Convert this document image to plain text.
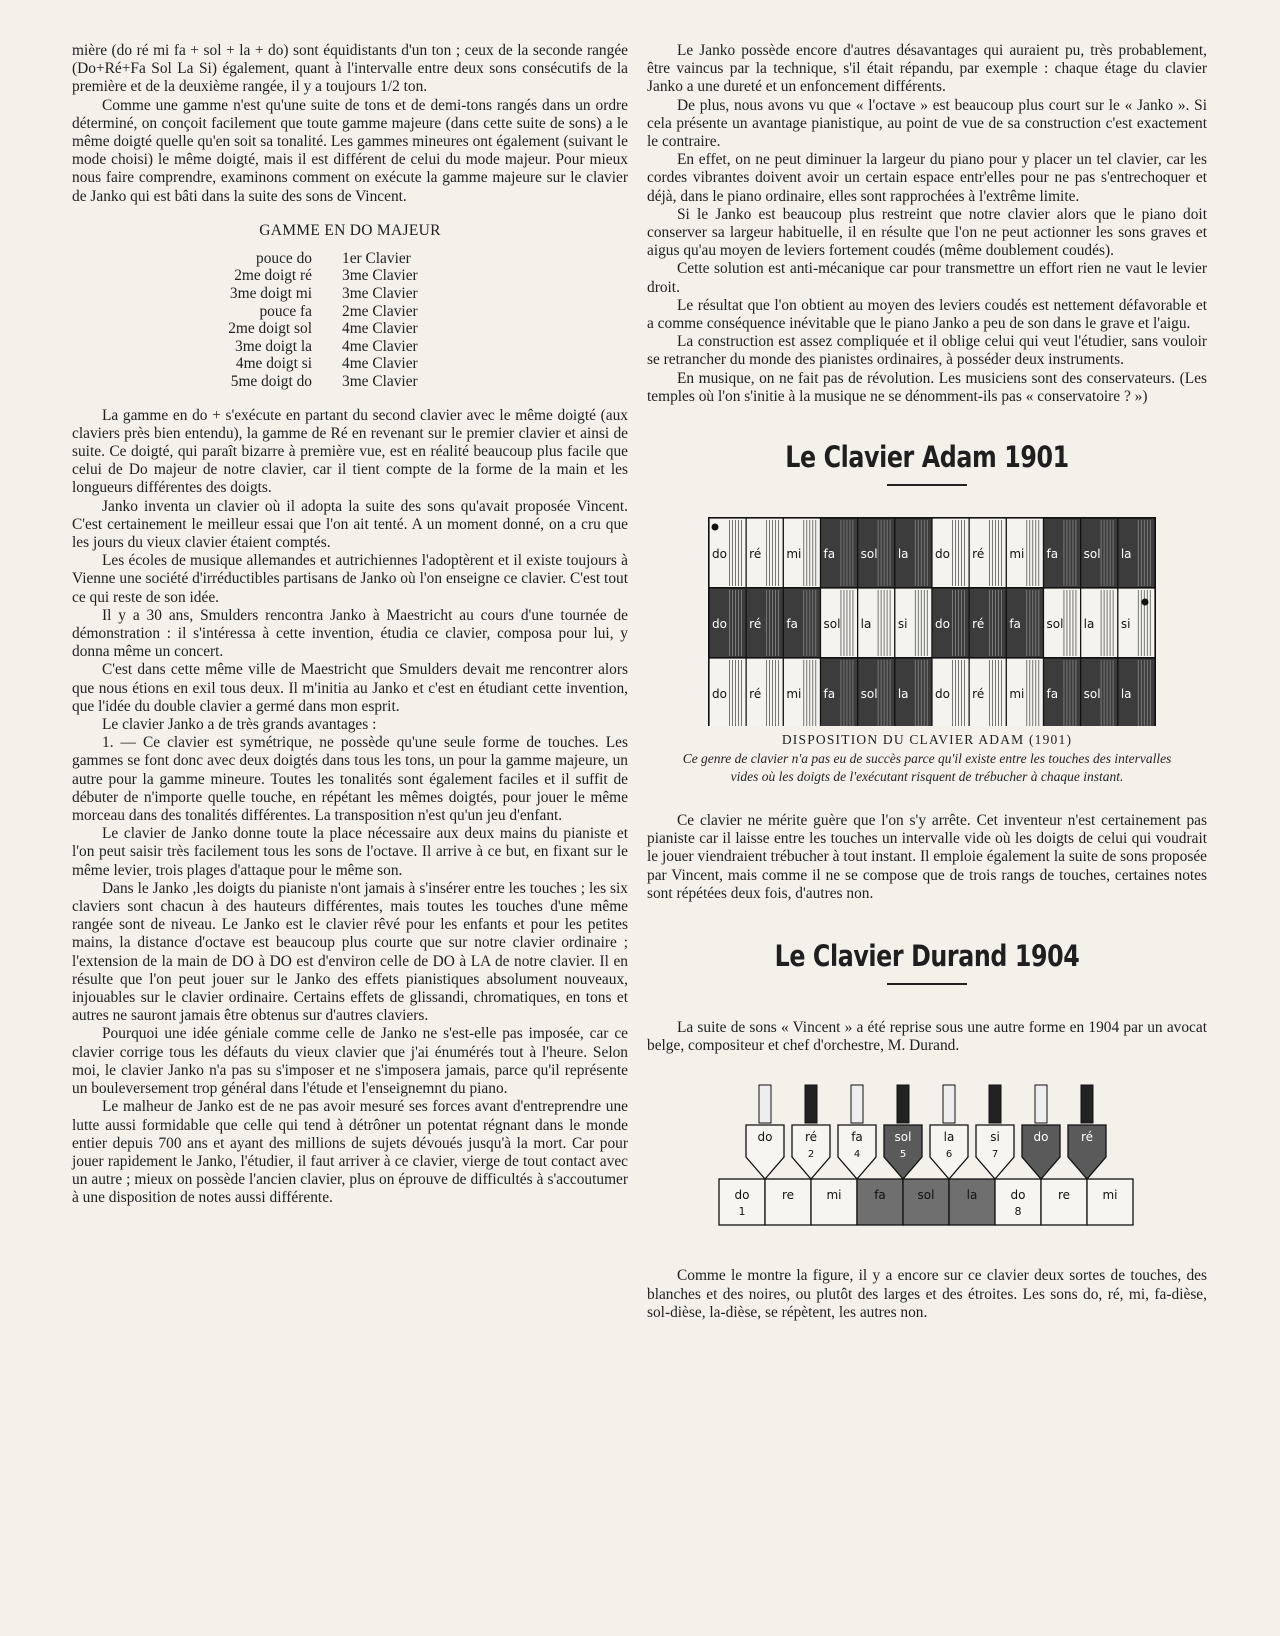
mière (do ré mi fa + sol + la + do) sont équidistants d'un ton ; ceux de la seconde rangée (Do+Ré+Fa Sol La Si) également, quant à l'intervalle entre deux sons consécutifs de la première et de la deuxième rangée, il y a toujours 1/2 ton.

Comme une gamme n'est qu'une suite de tons et de demi-tons rangés dans un ordre déterminé, on conçoit facilement que toute gamme majeure (dans cette suite de sons) a le même doigté quelle qu'en soit sa tonalité. Les gammes mineures ont également (suivant le mode choisi) le même doigté, mais il est différent de celui du mode majeur. Pour mieux nous faire comprendre, examinons comment on exécute la gamme majeure sur le clavier de Janko qui est bâti dans la suite des sons de Vincent.

GAMME EN DO MAJEUR
pouce do	1er Clavier
2me doigt ré	3me Clavier
3me doigt mi	3me Clavier
pouce fa	2me Clavier
2me doigt sol	4me Clavier
3me doigt la	4me Clavier
4me doigt si	4me Clavier
5me doigt do	3me Clavier

La gamme en do + s'exécute en partant du second clavier avec le même doigté (aux claviers près bien entendu), la gamme de Ré en revenant sur le premier clavier et ainsi de suite. Ce doigté, qui paraît bizarre à première vue, est en réalité beaucoup plus facile que celui de Do majeur de notre clavier, car il tient compte de la forme de la main et les longueurs différentes des doigts.

Janko inventa un clavier où il adopta la suite des sons qu'avait proposée Vincent. C'est certainement le meilleur essai que l'on ait tenté. A un moment donné, on a cru que les jours du vieux clavier étaient comptés.

Les écoles de musique allemandes et autrichiennes l'adoptèrent et il existe toujours à Vienne une société d'irréductibles partisans de Janko où l'on enseigne ce clavier. C'est tout ce qui reste de son idée.

Il y a 30 ans, Smulders rencontra Janko à Maestricht au cours d'une tournée de démonstration : il s'intéressa à cette invention, étudia ce clavier, composa pour lui, y donna même un concert.

C'est dans cette même ville de Maestricht que Smulders devait me rencontrer alors que nous étions en exil tous deux. Il m'initia au Janko et c'est en étudiant cette invention, que l'idée du double clavier a germé dans mon esprit.

Le clavier Janko a de très grands avantages :

1. — Ce clavier est symétrique, ne possède qu'une seule forme de touches. Les gammes se font donc avec deux doigtés dans tous les tons, un pour la gamme majeure, un autre pour la gamme mineure. Toutes les tonalités sont également faciles et il suffit de débuter de n'importe quelle touche, en répétant les mêmes doigtés, pour jouer le même morceau dans des tonalités différentes. La transposition n'est qu'un jeu d'enfant.

Le clavier de Janko donne toute la place nécessaire aux deux mains du pianiste et l'on peut saisir très facilement tous les sons de l'octave. Il arrive à ce but, en fixant sur le même levier, trois plages d'attaque pour le même son.

Dans le Janko ,les doigts du pianiste n'ont jamais à s'insérer entre les touches ; les six claviers sont chacun à des hauteurs différentes, mais toutes les touches d'une même rangée sont de niveau. Le Janko est le clavier rêvé pour les enfants et pour les petites mains, la distance d'octave est beaucoup plus courte que sur notre clavier ordinaire ; l'extension de la main de DO à DO est d'environ celle de DO à LA de notre clavier. Il en résulte que l'on peut jouer sur le Janko des effets pianistiques absolument nouveaux, injouables sur le clavier ordinaire. Certains effets de glissandi, chromatiques, en tons et autres ne sauront jamais être obtenus sur d'autres claviers.

Pourquoi une idée géniale comme celle de Janko ne s'est-elle pas imposée, car ce clavier corrige tous les défauts du vieux clavier que j'ai énumérés tout à l'heure. Selon moi, le clavier Janko n'a pas su s'imposer et ne s'imposera jamais, parce qu'il représente un bouleversement trop général dans l'étude et l'enseignemnt du piano.

Le malheur de Janko est de ne pas avoir mesuré ses forces avant d'entreprendre une lutte aussi formidable que celle qui tend à détrôner un potentat régnant dans le monde entier depuis 700 ans et ayant des millions de sujets dévoués jusqu'à la mort. Car pour jouer rapidement le Janko, l'étudier, il faut arriver à ce clavier, vierge de tout contact avec un autre ; mieux on possède l'ancien clavier, plus on éprouve de difficultés à s'accoutumer à une disposition de notes aussi différente.

Le Janko possède encore d'autres désavantages qui auraient pu, très probablement, être vaincus par la technique, s'il était répandu, par exemple : chaque étage du clavier Janko a une dureté et un enfoncement différents.

De plus, nous avons vu que « l'octave » est beaucoup plus court sur le « Janko ». Si cela présente un avantage pianistique, au point de vue de sa construction c'est exactement le contraire.

En effet, on ne peut diminuer la largeur du piano pour y placer un tel clavier, car les cordes vibrantes doivent avoir un certain espace entr'elles pour ne pas s'entrechoquer et déjà, dans le piano ordinaire, elles sont rapprochées à l'extrême limite.

Si le Janko est beaucoup plus restreint que notre clavier alors que le piano doit conserver sa largeur habituelle, il en résulte que l'on ne peut actionner les sons graves et aigus qu'au moyen de leviers fortement coudés (même doublement coudés).

Cette solution est anti-mécanique car pour transmettre un effort rien ne vaut le levier droit.

Le résultat que l'on obtient au moyen des leviers coudés est nettement défavorable et a comme conséquence inévitable que le piano Janko a peu de son dans le grave et l'aigu.

La construction est assez compliquée et il oblige celui qui veut l'étudier, sans vouloir se retrancher du monde des pianistes ordinaires, à posséder deux instruments.

En musique, on ne fait pas de révolution. Les musiciens sont des conservateurs. (Les temples où l'on s'initie à la musique ne se dénomment-ils pas « conservatoire ? »)

Le Clavier Adam 1901
do ré mi fa sol la do ré mi fa sol la
do ré fa sol la si do ré fa sol la si
do ré mi fa sol la do ré mi fa sol la
DISPOSITION DU CLAVIER ADAM (1901)
Ce genre de clavier n'a pas eu de succès parce qu'il existe entre les touches des intervalles vides où les doigts de l'exécutant risquent de trébucher à chaque instant.

Ce clavier ne mérite guère que l'on s'y arrête. Cet inventeur n'est certainement pas pianiste car il laisse entre les touches un intervalle vide où les doigts de celui qui voudrait le jouer viendraient trébucher à tout instant. Il emploie également la suite de sons proposée par Vincent, mais comme il ne se compose que de trois rangs de touches, certaines notes sont répétées deux fois, d'autres non.

Le Clavier Durand 1904

La suite de sons « Vincent » a été reprise sous une autre forme en 1904 par un avocat belge, compositeur et chef d'orchestre, M. Durand.

do
1
re	mi	fa	sol	la	do
8
re	mi
do	ré
2
fa
4
sol
5
la
6
si
7
do	ré

Comme le montre la figure, il y a encore sur ce clavier deux sortes de touches, des blanches et des noires, ou plutôt des larges et des étroites. Les sons do, ré, mi, fa-dièse, sol-dièse, la-dièse, se répètent, les autres non.
